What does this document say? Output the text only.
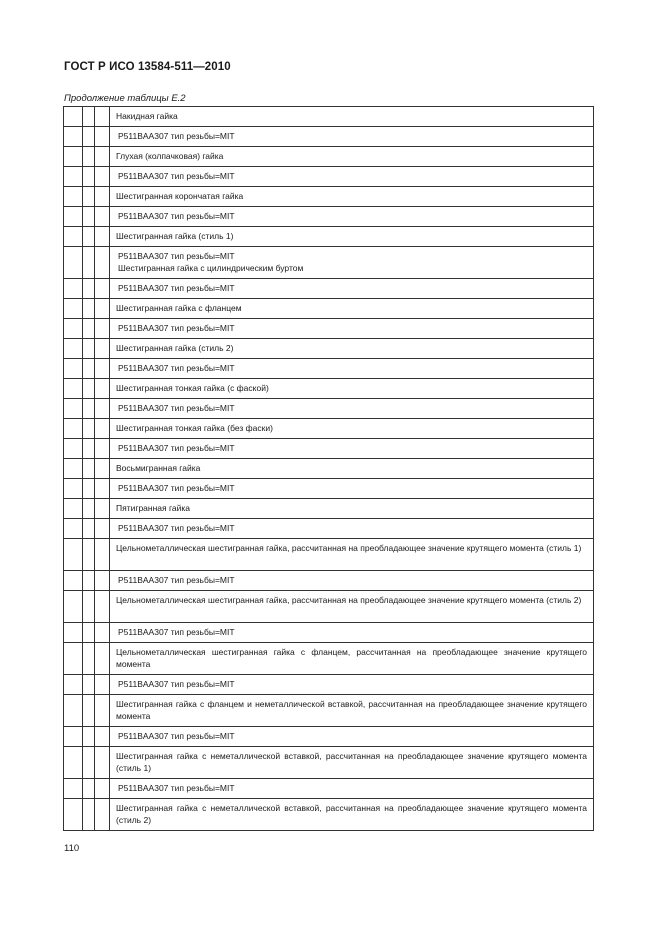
ГОСТ Р ИСО 13584-511—2010
Продолжение таблицы Е.2
			Накидная гайка
			P511BAA307 тип резьбы=MIT
			Глухая (колпачковая) гайка
			P511BAA307 тип резьбы=MIT
			Шестигранная корончатая гайка
			P511BAA307 тип резьбы=MIT
			Шестигранная гайка (стиль 1)
			P511BAA307 тип резьбы=MIT
Шестигранная гайка с цилиндрическим буртом
			P511BAA307 тип резьбы=MIT
			Шестигранная гайка с фланцем
			P511BAA307 тип резьбы=MIT
			Шестигранная гайка (стиль 2)
			P511BAA307 тип резьбы=MIT
			Шестигранная тонкая гайка (с фаской)
			P511BAA307 тип резьбы=MIT
			Шестигранная тонкая гайка (без фаски)
			P511BAA307 тип резьбы=MIT
			Восьмигранная гайка
			P511BAA307 тип резьбы=MIT
			Пятигранная гайка
			P511BAA307 тип резьбы=MIT
			Цельнометаллическая шестигранная гайка, рассчитанная на преобладающее значение крутящего момента (стиль 1)
			P511BAA307 тип резьбы=MIT
			Цельнометаллическая шестигранная гайка, рассчитанная на преобладающее значение крутящего момента (стиль 2)
			P511BAA307 тип резьбы=MIT
			Цельнометаллическая шестигранная гайка с фланцем, рассчитанная на преобладающее значение крутящего момента
			P511BAA307 тип резьбы=MIT
			Шестигранная гайка с фланцем и неметаллической вставкой, рассчитанная на преобладающее значение крутящего момента
			P511BAA307 тип резьбы=MIT
			Шестигранная гайка с неметаллической вставкой, рассчитанная на преобладающее значение крутящего момента (стиль 1)
			P511BAA307 тип резьбы=MIT
			Шестигранная гайка с неметаллической вставкой, рассчитанная на преобладающее значение крутящего момента (стиль 2)
110
